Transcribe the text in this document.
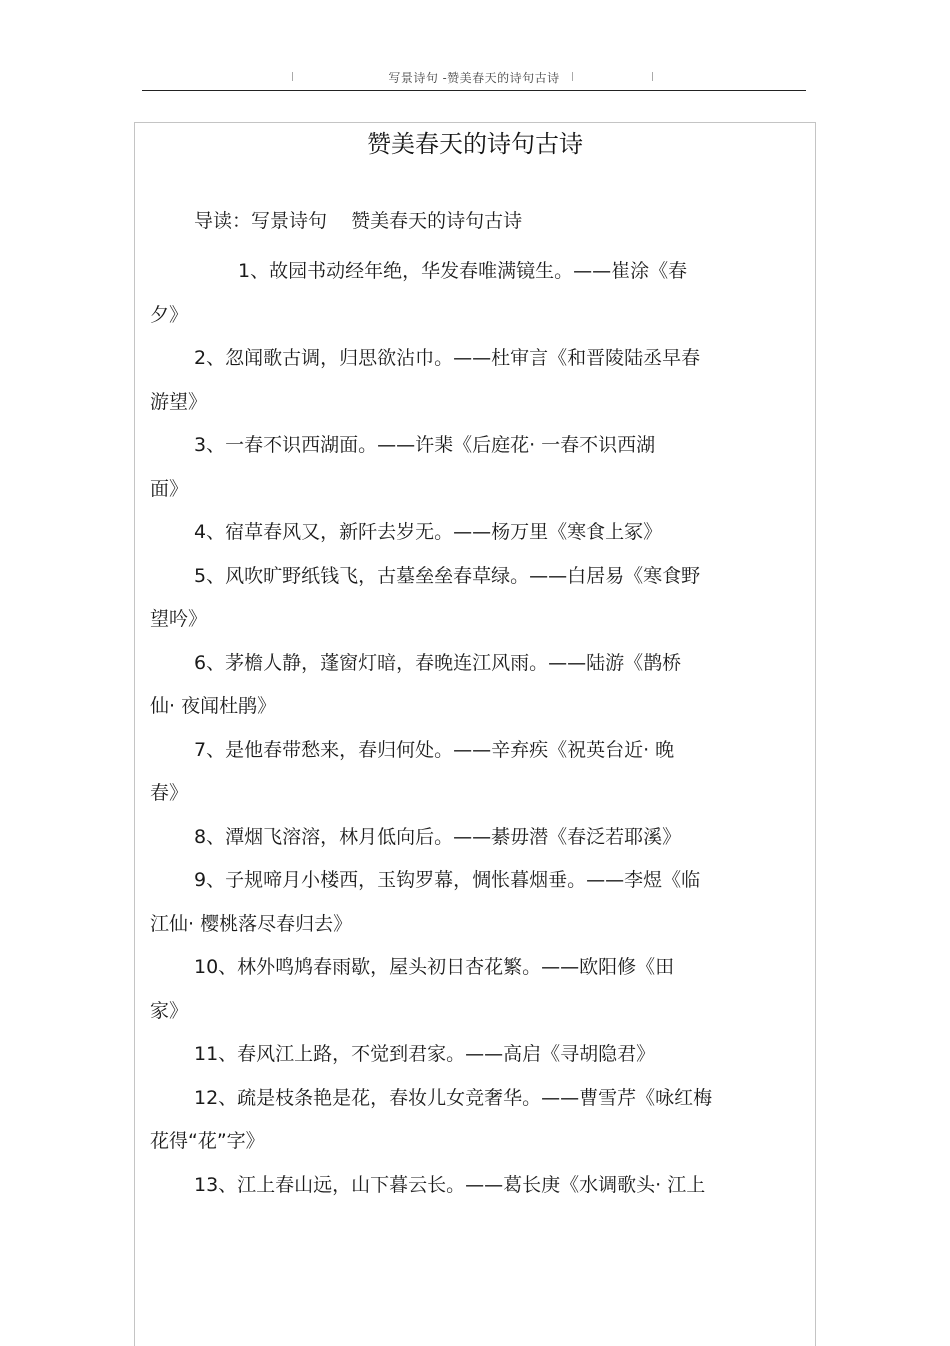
写景诗句 -赞美春天的诗句古诗
赞美春天的诗句古诗
导读：写景诗句    赞美春天的诗句古诗
1、故园书动经年绝，华发春唯满镜生。——崔涂《春
夕》
2、忽闻歌古调，归思欲沾巾。——杜审言《和晋陵陆丞早春
游望》
3、一春不识西湖面。——许棐《后庭花· 一春不识西湖
面》
4、宿草春风又，新阡去岁无。——杨万里《寒食上冢》
5、风吹旷野纸钱飞，古墓垒垒春草绿。——白居易《寒食野
望吟》
6、茅檐人静，蓬窗灯暗，春晚连江风雨。——陆游《鹊桥
仙· 夜闻杜鹃》
7、是他春带愁来，春归何处。——辛弃疾《祝英台近· 晚
春》
8、潭烟飞溶溶，林月低向后。——綦毋潜《春泛若耶溪》
9、子规啼月小楼西，玉钩罗幕，惆怅暮烟垂。——李煜《临
江仙· 樱桃落尽春归去》
10、林外鸣鸠春雨歇，屋头初日杏花繁。——欧阳修《田
家》
11、春风江上路，不觉到君家。——高启《寻胡隐君》
12、疏是枝条艳是花，春妆儿女竞奢华。——曹雪芹《咏红梅
花得“花”字》
13、江上春山远，山下暮云长。——葛长庚《水调歌头· 江上
